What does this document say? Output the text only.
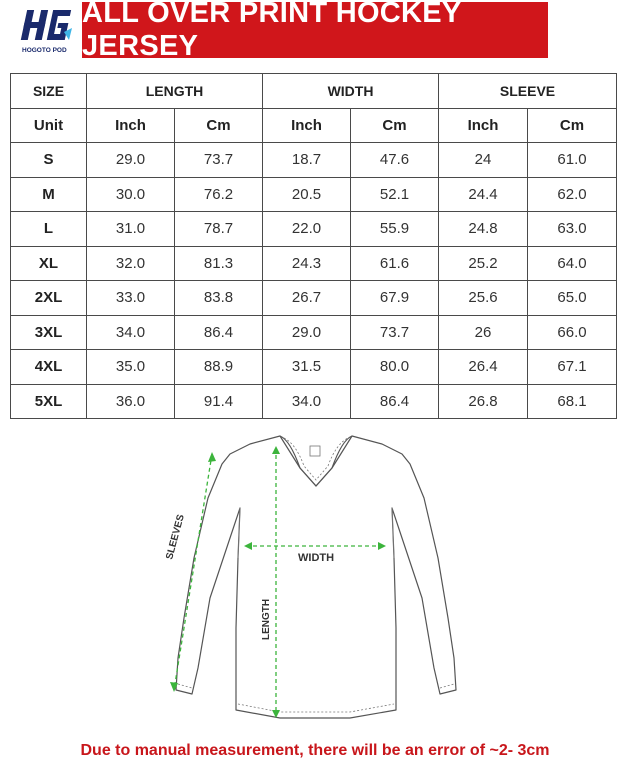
HOGOTO POD
ALL OVER PRINT HOCKEY JERSEY
SIZE	LENGTH		WIDTH		SLEEVE	
Unit	Inch	Cm	Inch	Cm	Inch	Cm
S	29.0	73.7	18.7	47.6	24	61.0
M	30.0	76.2	20.5	52.1	24.4	62.0
L	31.0	78.7	22.0	55.9	24.8	63.0
XL	32.0	81.3	24.3	61.6	25.2	64.0
2XL	33.0	83.8	26.7	67.9	25.6	65.0
3XL	34.0	86.4	29.0	73.7	26	66.0
4XL	35.0	88.9	31.5	80.0	26.4	67.1
5XL	36.0	91.4	34.0	86.4	26.8	68.1
SLEEVES	WIDTH
LENGTH
Due to manual measurement, there will be an error of ~2- 3cm
